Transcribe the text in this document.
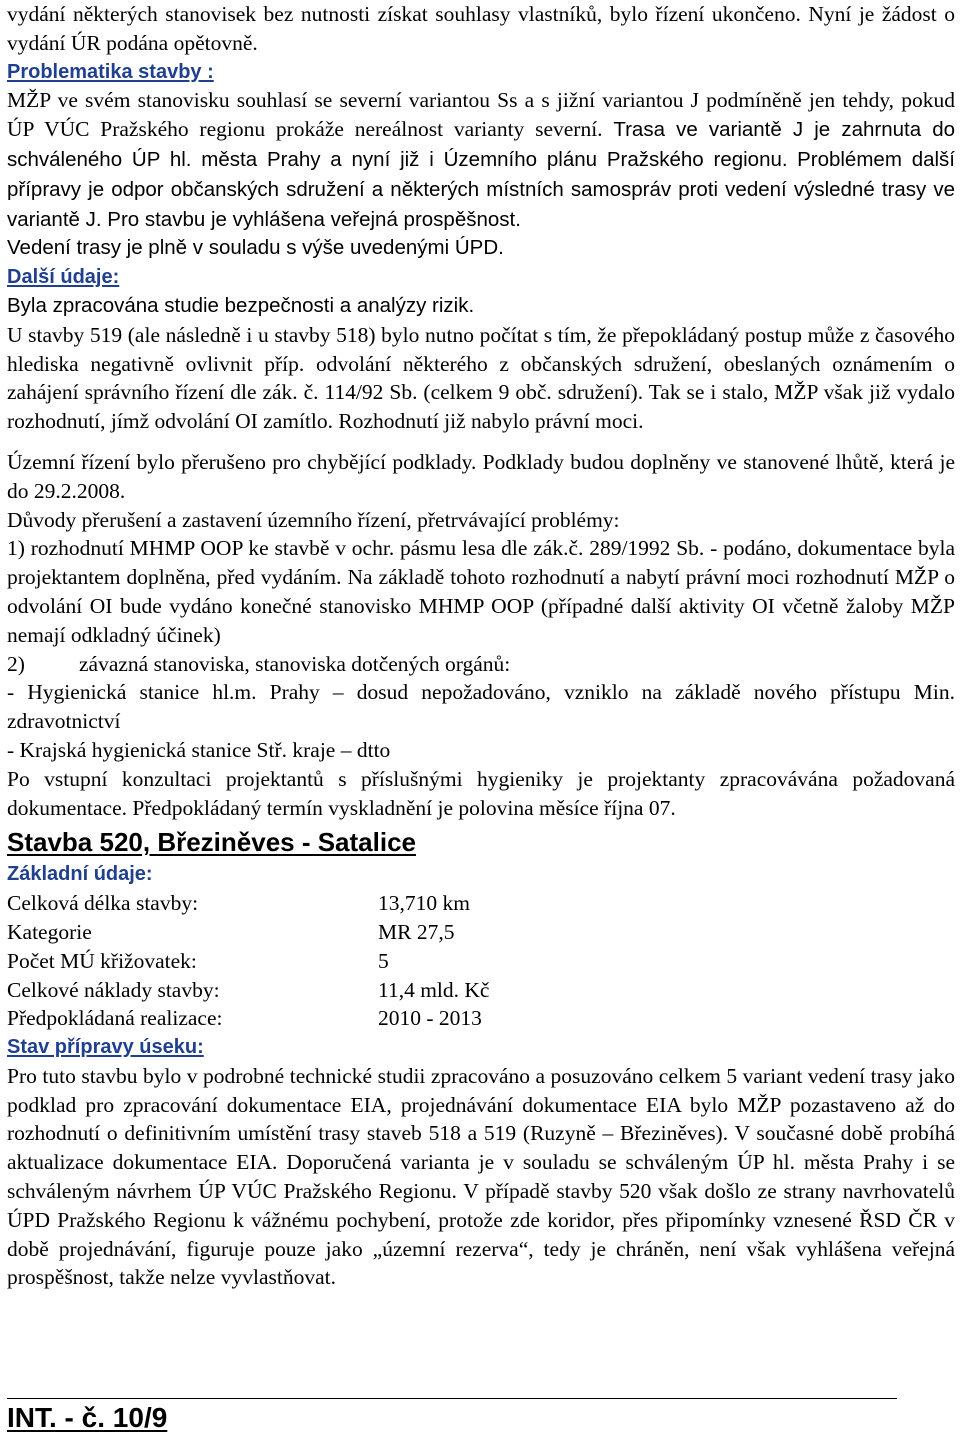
vydání některých stanovisek bez nutnosti získat souhlasy vlastníků, bylo řízení ukončeno. Nyní je žádost o vydání ÚR podána opětovně.

Problematika stavby :

MŽP ve svém stanovisku souhlasí se severní variantou Ss a s jižní variantou J podmíněně jen tehdy, pokud ÚP VÚC Pražského regionu prokáže nereálnost varianty severní. Trasa ve variantě J je zahrnuta do schváleného ÚP hl. města Prahy a nyní již i Územního plánu Pražského regionu. Problémem další přípravy je odpor občanských sdružení a některých místních samospráv proti vedení výsledné trasy ve variantě J. Pro stavbu je vyhlášena veřejná prospěšnost.

Vedení trasy je plně v souladu s výše uvedenými ÚPD.

Další údaje:

Byla zpracována studie bezpečnosti a analýzy rizik.

U stavby 519 (ale následně i u stavby 518) bylo nutno počítat s tím, že přepokládaný postup může z časového hlediska negativně ovlivnit příp. odvolání některého z občanských sdružení, obeslaných oznámením o zahájení správního řízení dle zák. č. 114/92 Sb. (celkem 9 obč. sdružení). Tak se i stalo, MŽP však již vydalo rozhodnutí, jímž odvolání OI zamítlo. Rozhodnutí již nabylo právní moci.

Územní řízení bylo přerušeno pro chybějící podklady. Podklady budou doplněny ve stanovené lhůtě, která je do 29.2.2008.

Důvody přerušení a zastavení územního řízení, přetrvávající problémy:

1) rozhodnutí MHMP OOP ke stavbě v ochr. pásmu lesa dle zák.č. 289/1992 Sb. - podáno, dokumentace byla projektantem doplněna, před vydáním. Na základě tohoto rozhodnutí a nabytí právní moci rozhodnutí MŽP o odvolání OI bude vydáno konečné stanovisko MHMP OOP (případné další aktivity OI včetně žaloby MŽP nemají odkladný účinek)

2)	závazná stanoviska, stanoviska dotčených orgánů:

- Hygienická stanice hl.m. Prahy – dosud nepožadováno, vzniklo na základě nového přístupu Min. zdravotnictví

- Krajská hygienická stanice Stř. kraje – dtto

Po vstupní konzultaci projektantů s příslušnými hygieniky je projektanty zpracovávána požadovaná dokumentace. Předpokládaný termín vyskladnění je polovina měsíce října 07.

Stavba 520, Březiněves - Satalice
Základní údaje:
Celková délka stavby:	13,710 km
Kategorie	MR 27,5
Počet MÚ křižovatek:	5
Celkové náklady stavby:	11,4 mld. Kč
Předpokládaná realizace:	2010 - 2013
Stav přípravy úseku:

Pro tuto stavbu bylo v podrobné technické studii zpracováno a posuzováno celkem 5 variant vedení trasy jako podklad pro zpracování dokumentace EIA, projednávání dokumentace EIA bylo MŽP pozastaveno až do rozhodnutí o definitivním umístění trasy staveb 518 a 519 (Ruzyně – Březiněves). V současné době probíhá aktualizace dokumentace EIA. Doporučená varianta je v souladu se schváleným ÚP hl. města Prahy i se schváleným návrhem ÚP VÚC Pražského Regionu. V případě stavby 520 však došlo ze strany navrhovatelů ÚPD Pražského Regionu k vážnému pochybení, protože zde koridor, přes připomínky vznesené ŘSD ČR v době projednávání, figuruje pouze jako „územní rezerva“, tedy je chráněn, není však vyhlášena veřejná prospěšnost, takže nelze vyvlastňovat.

INT. - č. 10/9
